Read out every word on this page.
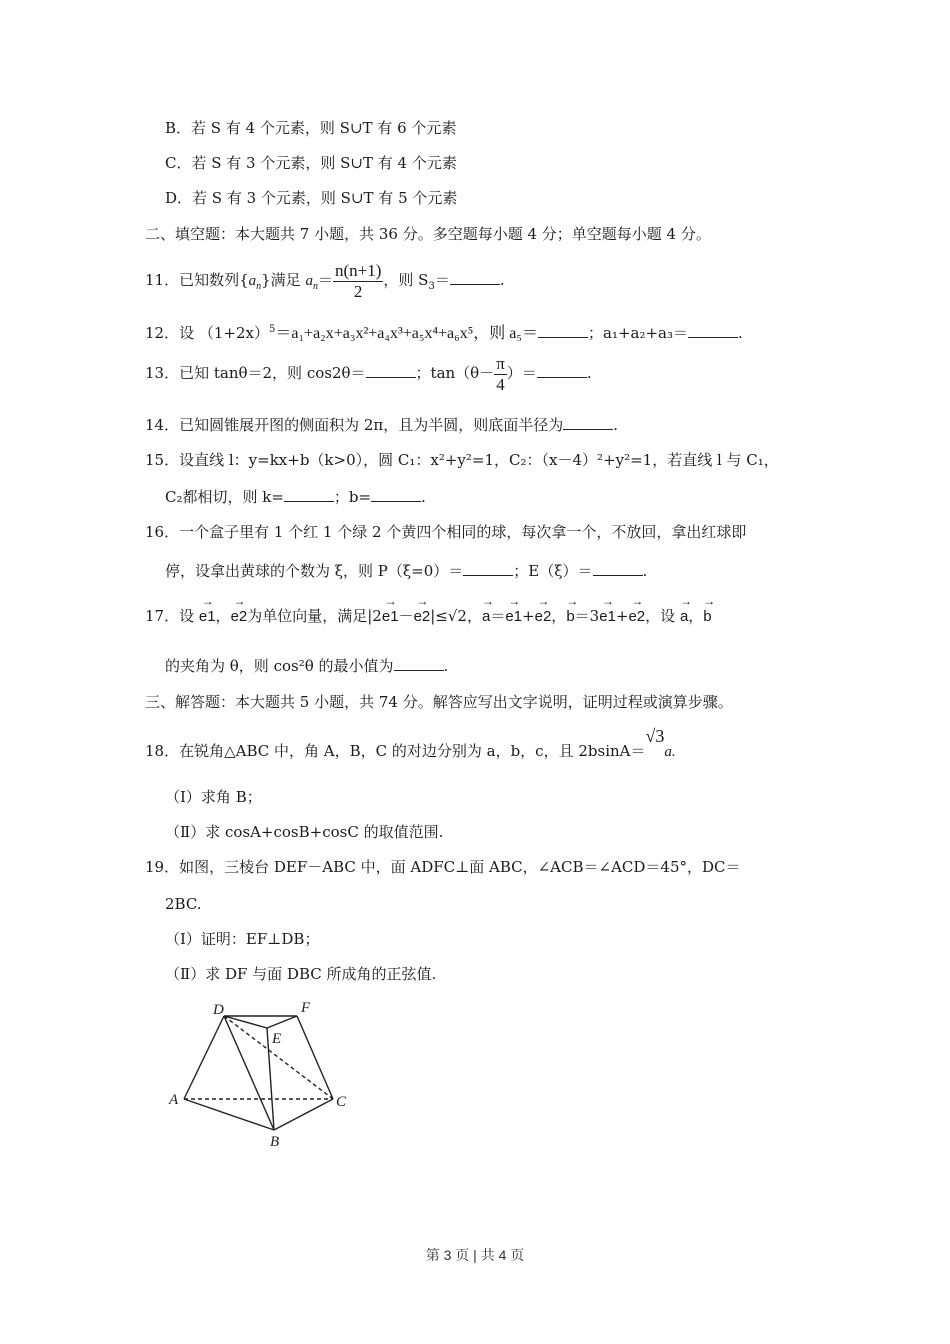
B．若 S 有 4 个元素，则 S∪T 有 6 个元素
C．若 S 有 3 个元素，则 S∪T 有 4 个元素
D．若 S 有 3 个元素，则 S∪T 有 5 个元素
二、填空题：本大题共 7 小题，共 36 分。多空题每小题 4 分；单空题每小题 4 分。
11．已知数列$\{a_n\}$满足 $a_n= \frac{n(n+1)}{2}$ ，则 $S_3=$	.
12．设 $(1+2x)^5=a_1+a_2x+a_3x^2+a_4x^3+a_5x^4+a_6x^5$，则 a₅＝	；a₁+a₂+a₃＝	.
13．已知 tanθ＝2，则 cos2θ＝	；$\tan(\theta- \frac{\pi}{4}$ ）＝	.
14．已知圆锥展开图的侧面积为 2π，且为半圆，则底面半径为	.
15．设直线 l：y=kx+b（k>0），圆 C₁：x²+y²=1，C₂：（x－4）²+y²=1，若直线 l 与 C₁，
C₂都相切，则 k=	；b=	.
16．一个盒子里有 1 个红 1 个绿 2 个黄四个相同的球，每次拿一个，不放回，拿出红球即
停，设拿出黄球的个数为 ξ，则 P（ξ=0）＝	；E（ξ）＝	.
17．设 → e1，→ e2为单位向量，满足|2→ e1－→ e2|≤√2，→ a＝→ e1+→ e2，→ b＝3→ e1+→ e2，设 → a，→ b
的夹角为 θ，则 cos²θ 的最小值为	.
三、解答题：本大题共 5 小题，共 74 分。解答应写出文字说明，证明过程或演算步骤。
18．在锐角△ABC 中，角 A，B，C 的对边分别为 a，b，c，且 2bsinA＝√3a.
（Ⅰ）求角 B；
（Ⅱ）求 cosA+cosB+cosC 的取值范围.
19．如图，三棱台 DEF－ABC 中，面 ADFC⊥面 ABC，∠ACB＝∠ACD＝45°，DC＝
2BC.
（Ⅰ）证明：EF⊥DB；
（Ⅱ）求 DF 与面 DBC 所成角的正弦值.
D	F
E
A	C
B
第 3 页 | 共 4 页
